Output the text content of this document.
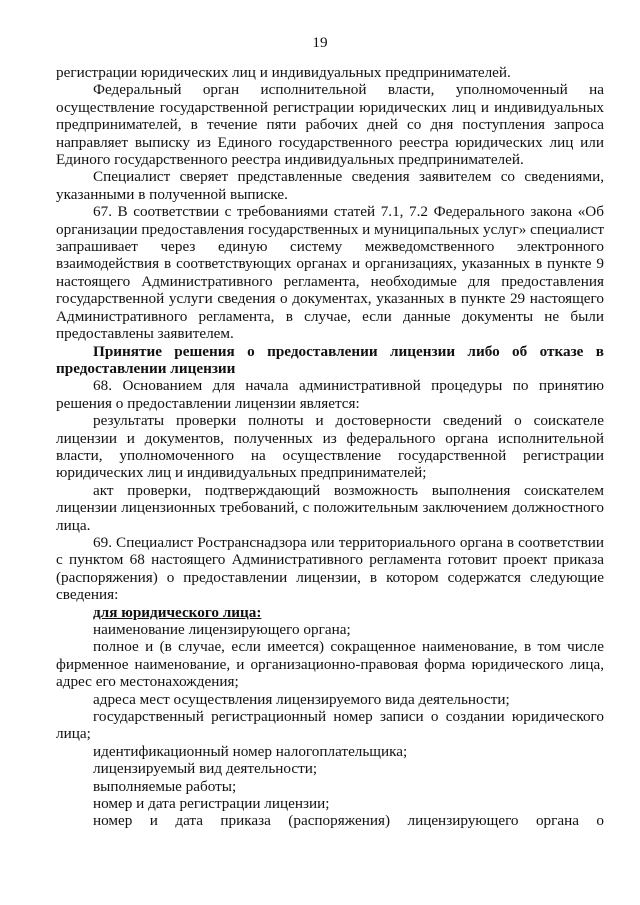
19

регистрации юридических лиц и индивидуальных предпринимателей.

Федеральный орган исполнительной власти, уполномоченный на осуществление государственной регистрации юридических лиц и индивидуальных предпринимателей, в течение пяти рабочих дней со дня поступления запроса направляет выписку из Единого государственного реестра юридических лиц или Единого государственного реестра индивидуальных предпринимателей.

Специалист сверяет представленные сведения заявителем со сведениями, указанными в полученной выписке.

67. В соответствии с требованиями статей 7.1, 7.2 Федерального закона «Об организации предоставления государственных и муниципальных услуг» специалист запрашивает через единую систему межведомственного электронного взаимодействия в соответствующих органах и организациях, указанных в пункте 9 настоящего Административного регламента, необходимые для предоставления государственной услуги сведения о документах, указанных в пункте 29 настоящего Административного регламента, в случае, если данные документы не были предоставлены заявителем.

Принятие решения о предоставлении лицензии либо об отказе в предоставлении лицензии

68. Основанием для начала административной процедуры по принятию решения о предоставлении лицензии является:

результаты проверки полноты и достоверности сведений о соискателе лицензии и документов, полученных из федерального органа исполнительной власти, уполномоченного на осуществление государственной регистрации юридических лиц и индивидуальных предпринимателей;

акт проверки, подтверждающий возможность выполнения соискателем лицензии лицензионных требований, с положительным заключением должностного лица.

69. Специалист Ространснадзора или территориального органа в соответствии с пунктом 68 настоящего Административного регламента готовит проект приказа (распоряжения) о предоставлении лицензии, в котором содержатся следующие сведения:

для юридического лица:

наименование лицензирующего органа;

полное и (в случае, если имеется) сокращенное наименование, в том числе фирменное наименование, и организационно-правовая форма юридического лица, адрес его местонахождения;

адреса мест осуществления лицензируемого вида деятельности;

государственный регистрационный номер записи о создании юридического лица;

идентификационный номер налогоплательщика;

лицензируемый вид деятельности;

выполняемые работы;

номер и дата регистрации лицензии;

номер и дата приказа (распоряжения) лицензирующего органа о
